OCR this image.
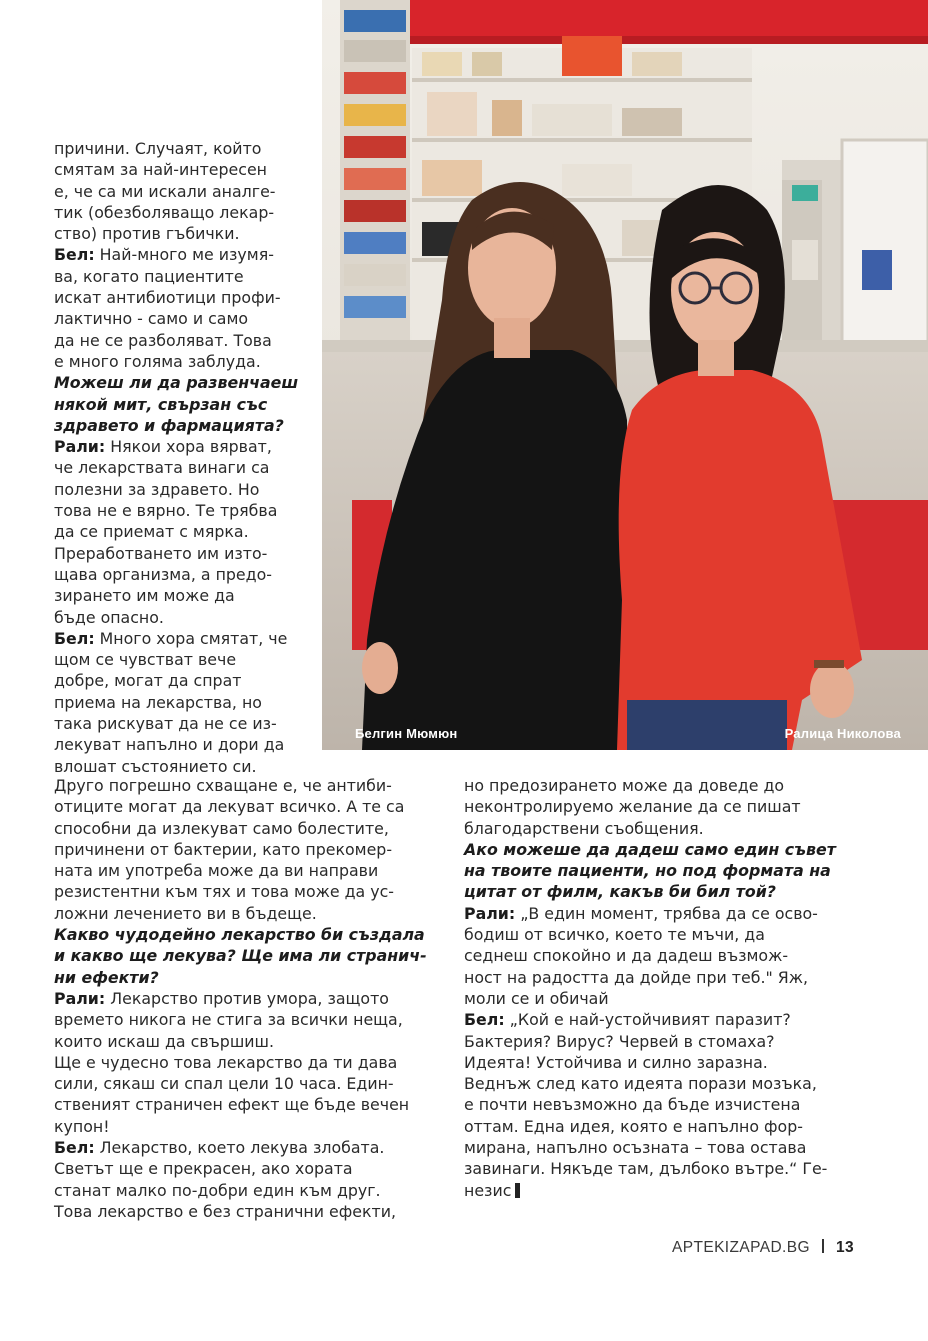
Белгин Мюмюн	Ралица Николова

причини. Случаят, който
смятам за най-интересен
е, че са ми искали аналге-
тик (обезболяващо лекар-
ство) против гъбички.

Бел: Най-много ме изумя-
ва, когато пациентите
искат антибиотици профи-
лактично - само и само
да не се разболяват. Това
е много голяма заблуда.

Можеш ли да развенчаеш
някой мит, свързан със
здравето и фармацията?

Рали: Някои хора вярват,
че лекарствата винаги са
полезни за здравето. Но
това не е вярно. Те трябва
да се приемат с мярка.
Преработването им изто-
щава организма, а предо-
зирането им може да
бъде опасно.

Бел: Много хора смятат, че
щом се чувстват вече
добре, могат да спрат
приема на лекарства, но
така рискуват да не се из-
лекуват напълно и дори да
влошат състоянието си.

Друго погрешно схващане е, че антиби-
отиците могат да лекуват всичко. А те са
способни да излекуват само болестите,
причинени от бактерии, като прекомер-
ната им употреба може да ви направи
резистентни към тях и това може да ус-
ложни лечението ви в бъдеще.

Какво чудодейно лекарство би създала
и какво ще лекува? Ще има ли странич-
ни ефекти?

Рали: Лекарство против умора, защото
времето никога не стига за всички неща,
които искаш да свършиш.

Ще е чудесно това лекарство да ти дава
сили, сякаш си спал цели 10 часа. Един-
ственият страничен ефект ще бъде вечен
купон!

Бел: Лекарство, което лекува злобата.
Светът ще е прекрасен, ако хората
станат малко по-добри един към друг.
Това лекарство е без странични ефекти,

но предозирането може да доведе до
неконтролируемо желание да се пишат
благодарствени съобщения.

Ако можеше да дадеш само един съвет
на твоите пациенти, но под формата на
цитат от филм, какъв би бил той?

Рали: „В един момент, трябва да се осво-
бодиш от всичко, което те мъчи, да
седнеш спокойно и да дадеш възмож-
ност на радостта да дойде при теб." Яж,
моли се и обичай

Бел: „Кой е най-устойчивият паразит?
Бактерия? Вирус? Червей в стомаха?
Идеята! Устойчива и силно заразна.
Веднъж след като идеята порази мозъка,
е почти невъзможно да бъде изчистена
оттам. Една идея, която е напълно фор-
мирана, напълно осъзната – това остава
завинаги. Някъде там, дълбоко вътре.“ Ге-
незис

APTEKIZAPAD.BG 13
